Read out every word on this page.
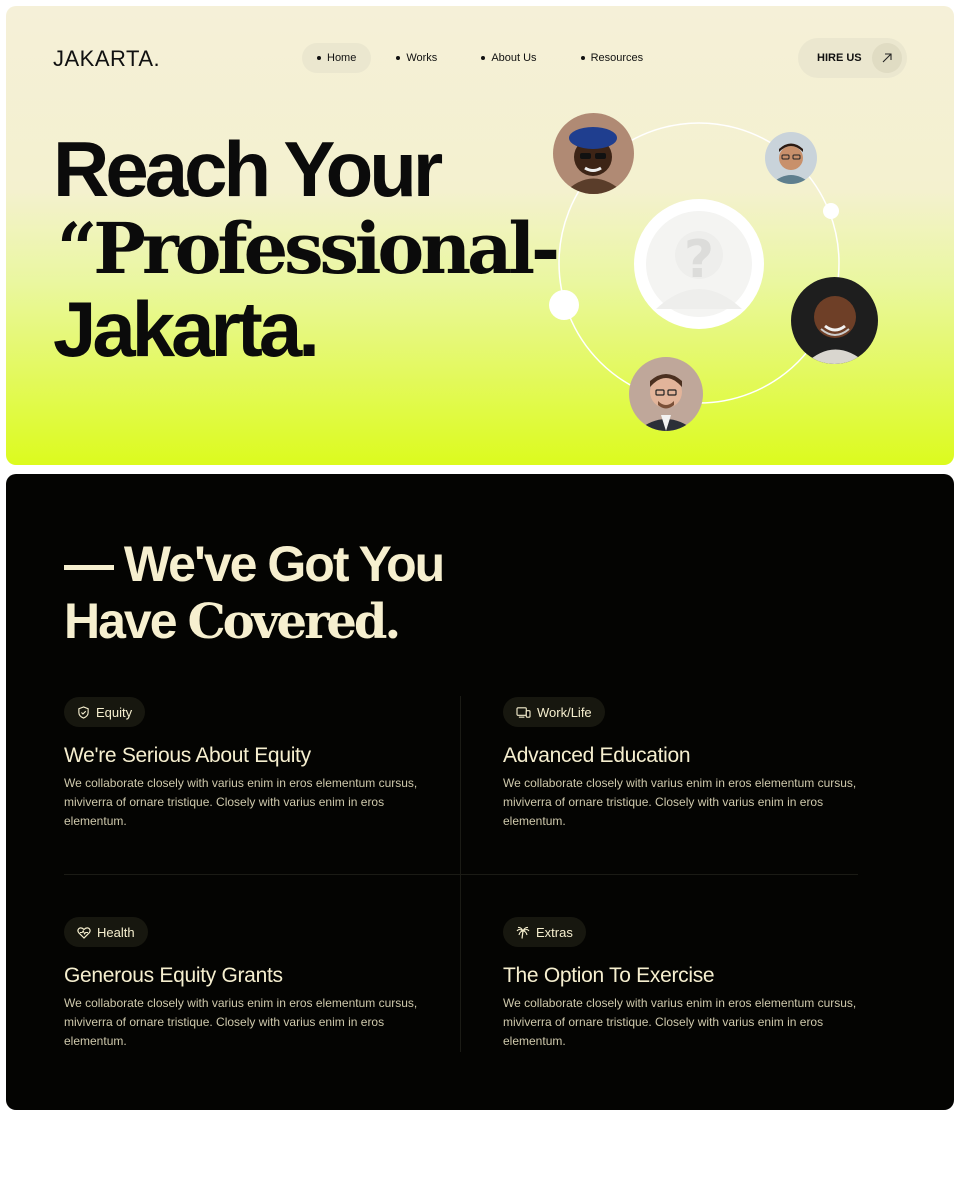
JAKARTA.	Home	Works	About Us	Resources	HIRE US
Reach Your
“Professional-
Jakarta.
?
— We've Got You
Have Covered.
Equity
We're Serious About Equity
We collaborate closely with varius enim in eros elementum cursus, miviverra of ornare tristique. Closely with varius enim in eros elementum.
Work/Life
Advanced Education
We collaborate closely with varius enim in eros elementum cursus, miviverra of ornare tristique. Closely with varius enim in eros elementum.
Health
Generous Equity Grants
We collaborate closely with varius enim in eros elementum cursus, miviverra of ornare tristique. Closely with varius enim in eros elementum.
Extras
The Option To Exercise
We collaborate closely with varius enim in eros elementum cursus, miviverra of ornare tristique. Closely with varius enim in eros elementum.
